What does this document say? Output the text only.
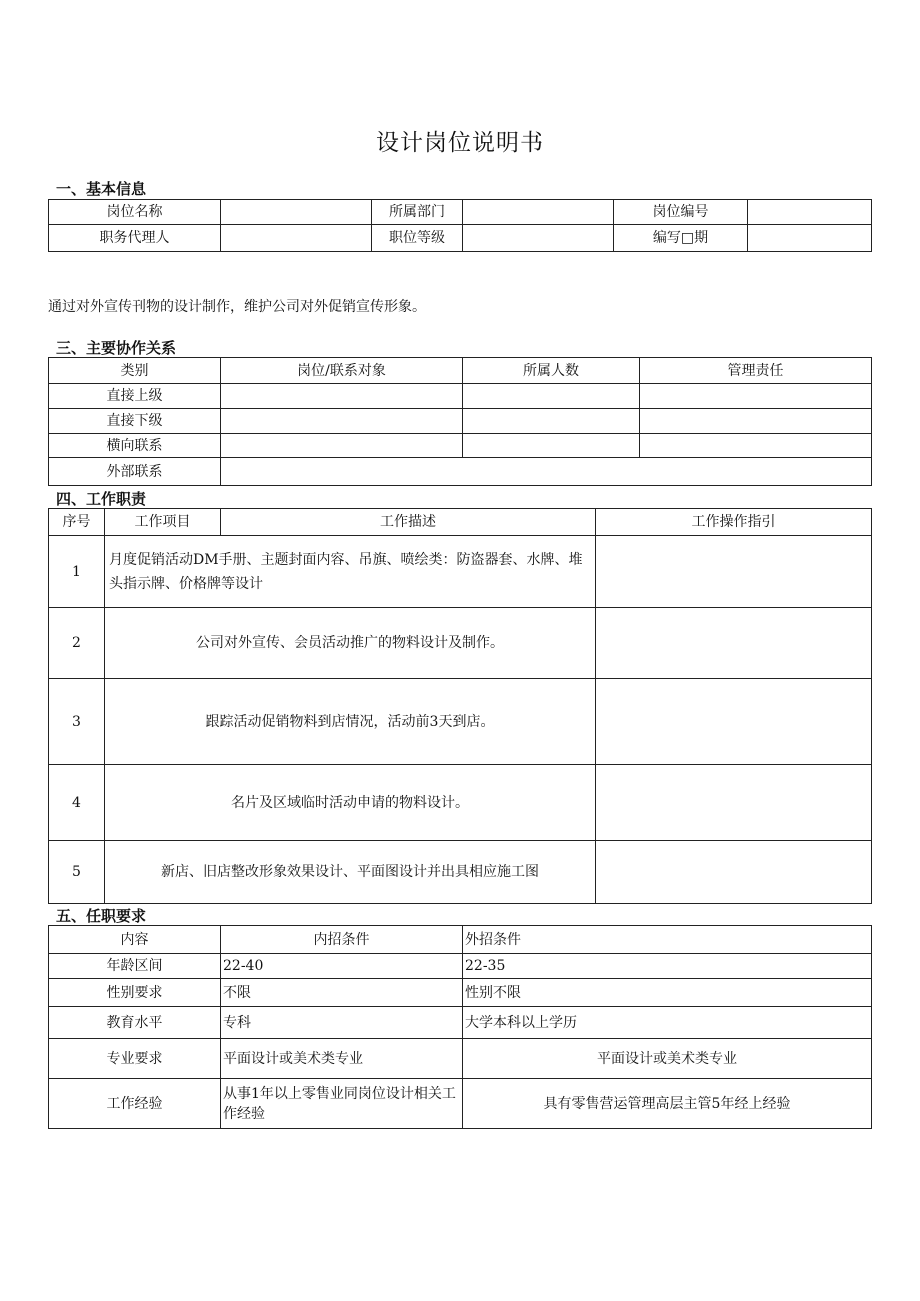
设计岗位说明书
一、基本信息
岗位名称		所属部门		岗位编号	
职务代理人		职位等级		编写□期	
通过对外宣传刊物的设计制作，维护公司对外促销宣传形象。
三、主要协作关系
类别	岗位/联系对象	所属人数	管理责任
直接上级			
直接下级			
横向联系			
外部联系			
四、工作职责
序号	工作项目	工作描述	工作操作指引
1	月度促销活动DM手册、主题封面内容、吊旗、喷绘类：防盗器套、水牌、堆头指示牌、价格牌等设计		
2	公司对外宣传、会员活动推广的物料设计及制作。		
3	跟踪活动促销物料到店情况，活动前3天到店。		
4	名片及区域临时活动申请的物料设计。		
5	新店、旧店整改形象效果设计、平面图设计并出具相应施工图		
五、任职要求
内容	内招条件	外招条件
年龄区间	22-40	22-35
性别要求	不限	性别不限
教育水平	专科	大学本科以上学历
专业要求	平面设计或美术类专业	平面设计或美术类专业
工作经验	从事1年以上零售业同岗位设计相关工作经验	具有零售营运管理高层主管5年经上经验
